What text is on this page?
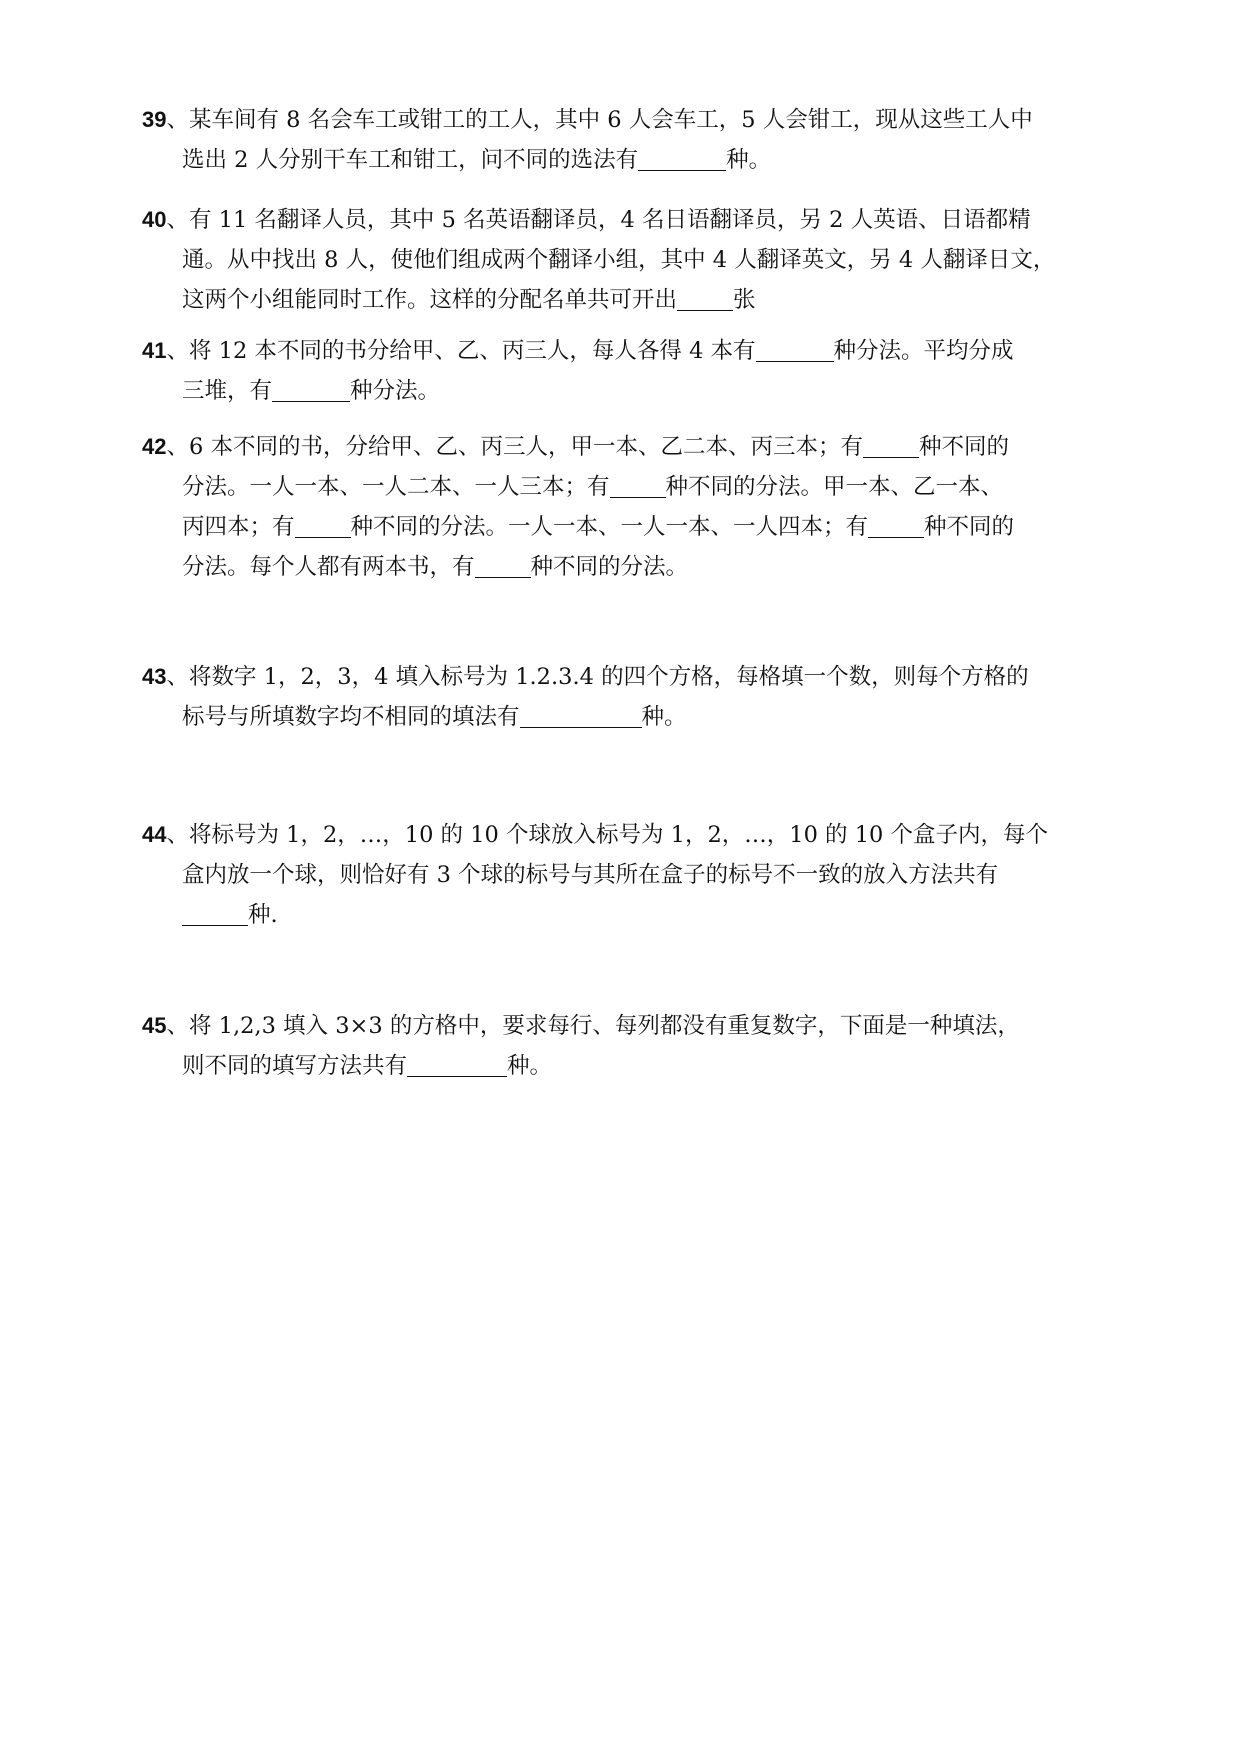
39、某车间有 8 名会车工或钳工的工人，其中 6 人会车工，5 人会钳工，现从这些工人中
选出 2 人分别干车工和钳工，问不同的选法有	种。
40、有 11 名翻译人员，其中 5 名英语翻译员，4 名日语翻译员，另 2 人英语、日语都精
通。从中找出 8 人，使他们组成两个翻译小组，其中 4 人翻译英文，另 4 人翻译日文，
这两个小组能同时工作。这样的分配名单共可开出 张
41、将 12 本不同的书分给甲、乙、丙三人，每人各得 4 本有	种分法。平均分成
三堆，有	种分法。
42、6 本不同的书，分给甲、乙、丙三人，甲一本、乙二本、丙三本；有 种不同的
分法。一人一本、一人二本、一人三本；有 种不同的分法。甲一本、乙一本、
丙四本；有 种不同的分法。一人一本、一人一本、一人四本；有 种不同的
分法。每个人都有两本书，有 种不同的分法。
43、将数字 1，2，3，4 填入标号为 1.2.3.4 的四个方格，每格填一个数，则每个方格的
标号与所填数字均不相同的填法有	种。
44、将标号为 1，2，…，10 的 10 个球放入标号为 1，2，…，10 的 10 个盒子内，每个
盒内放一个球，则恰好有 3 个球的标号与其所在盒子的标号不一致的放入方法共有
种.
45、将 1,2,3 填入 3×3 的方格中，要求每行、每列都没有重复数字，下面是一种填法，
则不同的填写方法共有	种。
